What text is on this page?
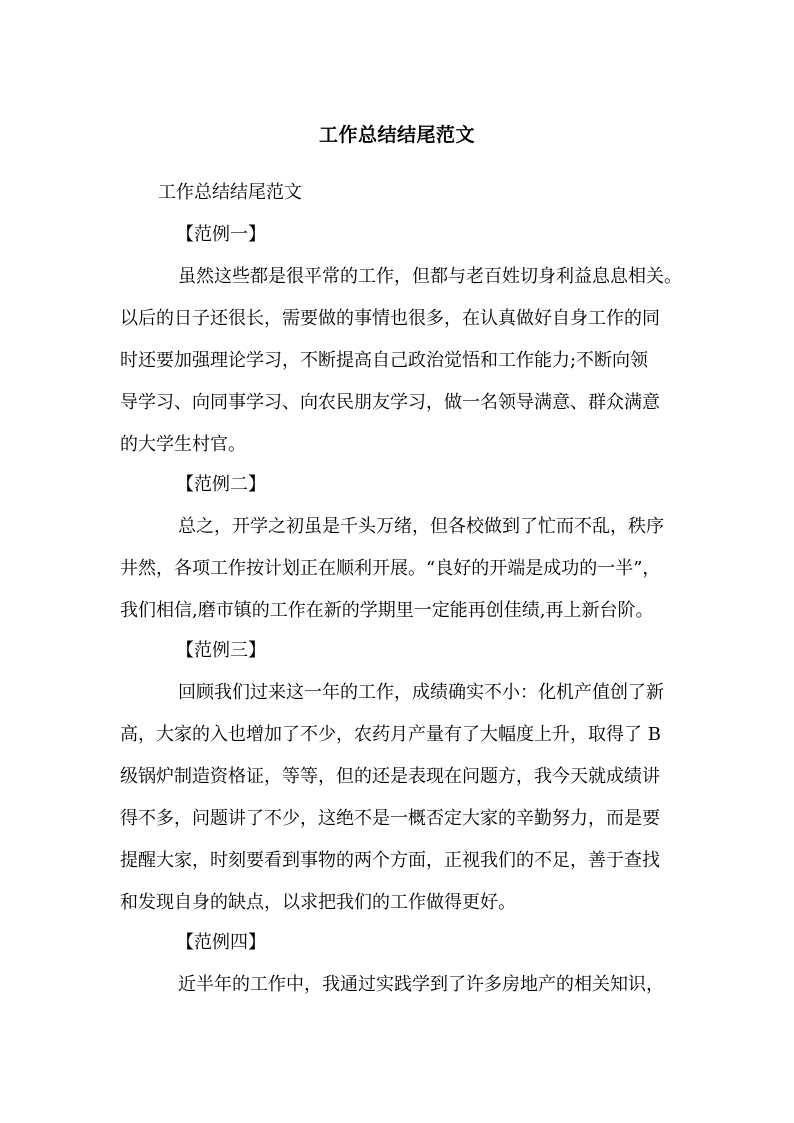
工作总结结尾范文
工作总结结尾范文
【范例一】
虽然这些都是很平常的工作，但都与老百姓切身利益息息相关。
以后的日子还很长，需要做的事情也很多，在认真做好自身工作的同
时还要加强理论学习，不断提高自己政治觉悟和工作能力;不断向领
导学习、向同事学习、向农民朋友学习，做一名领导满意、群众满意
的大学生村官。
【范例二】
总之，开学之初虽是千头万绪，但各校做到了忙而不乱，秩序
井然，各项工作按计划正在顺利开展。“良好的开端是成功的一半”，
我们相信,磨市镇的工作在新的学期里一定能再创佳绩,再上新台阶。
【范例三】
回顾我们过来这一年的工作，成绩确实不小：化机产值创了新
高，大家的入也增加了不少，农药月产量有了大幅度上升，取得了 B
级锅炉制造资格证，等等，但的还是表现在问题方，我今天就成绩讲
得不多，问题讲了不少，这绝不是一概否定大家的辛勤努力，而是要
提醒大家，时刻要看到事物的两个方面，正视我们的不足，善于查找
和发现自身的缺点，以求把我们的工作做得更好。
【范例四】
近半年的工作中，我通过实践学到了许多房地产的相关知识，
